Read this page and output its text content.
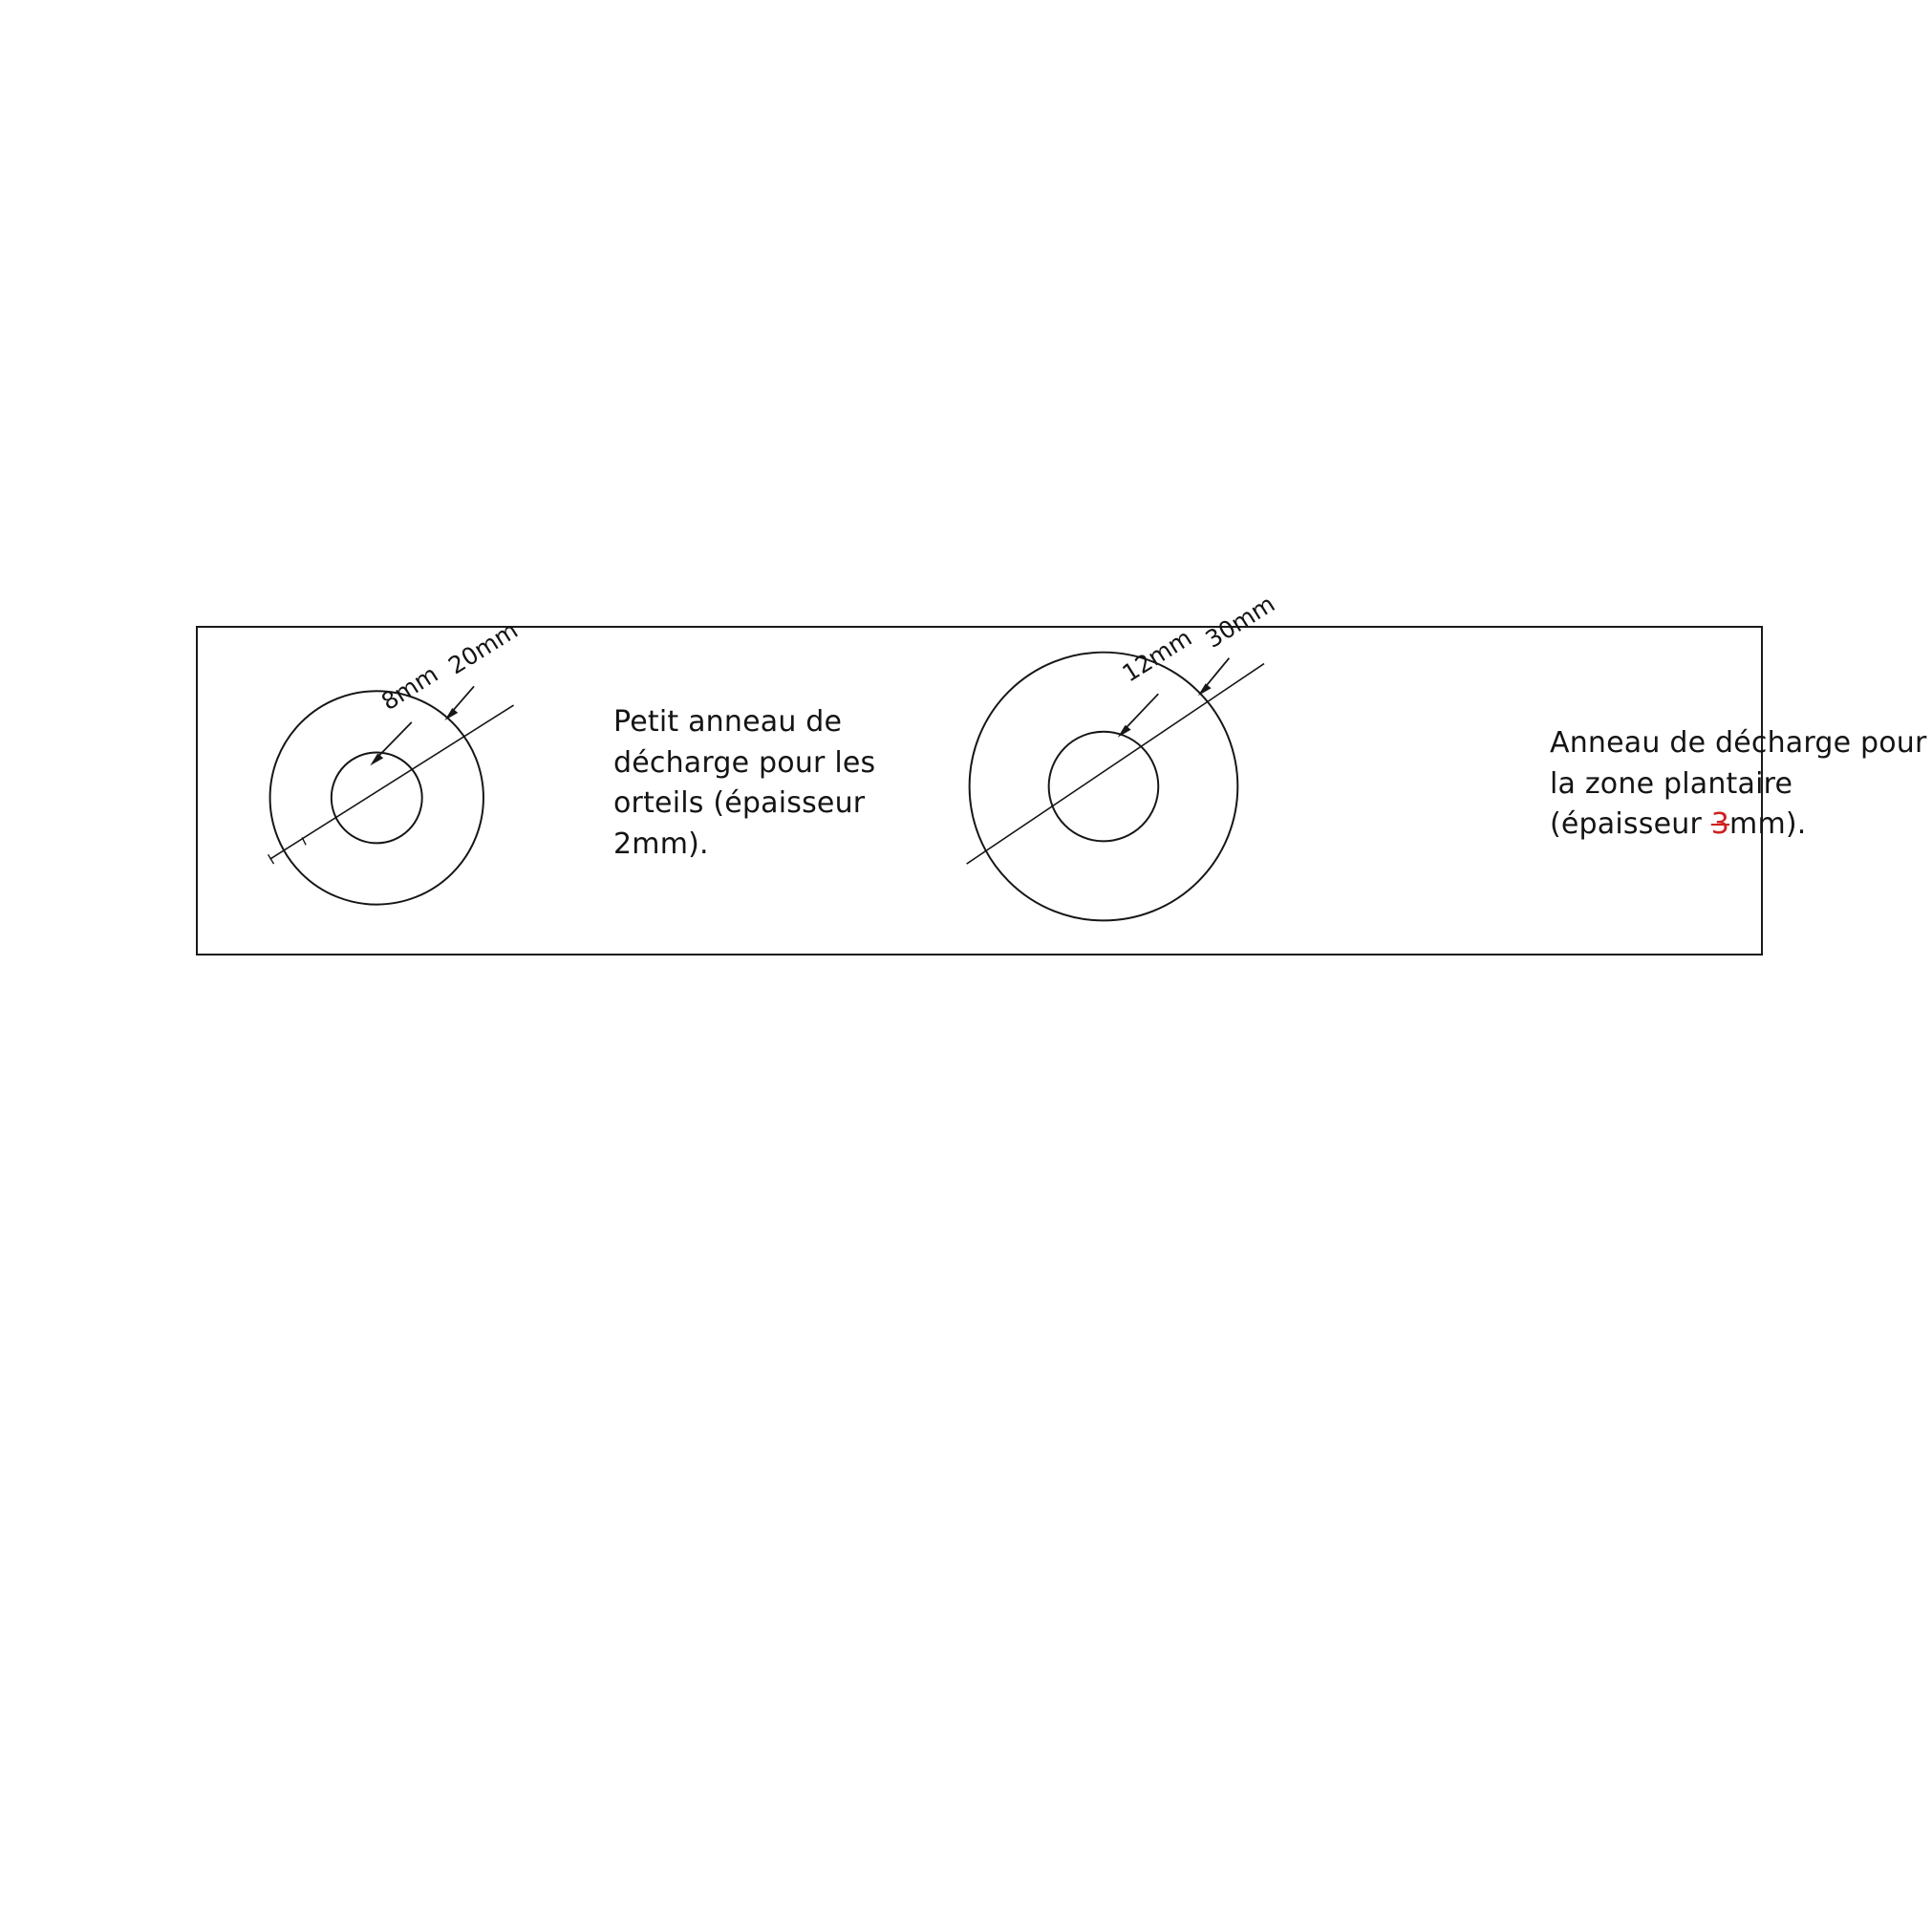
8mm
20mm
Petit anneau de décharge pour les orteils (épaisseur 2mm).
12mm
30mm
Anneau de décharge pour la zone plantaire (épaisseur 3mm).
